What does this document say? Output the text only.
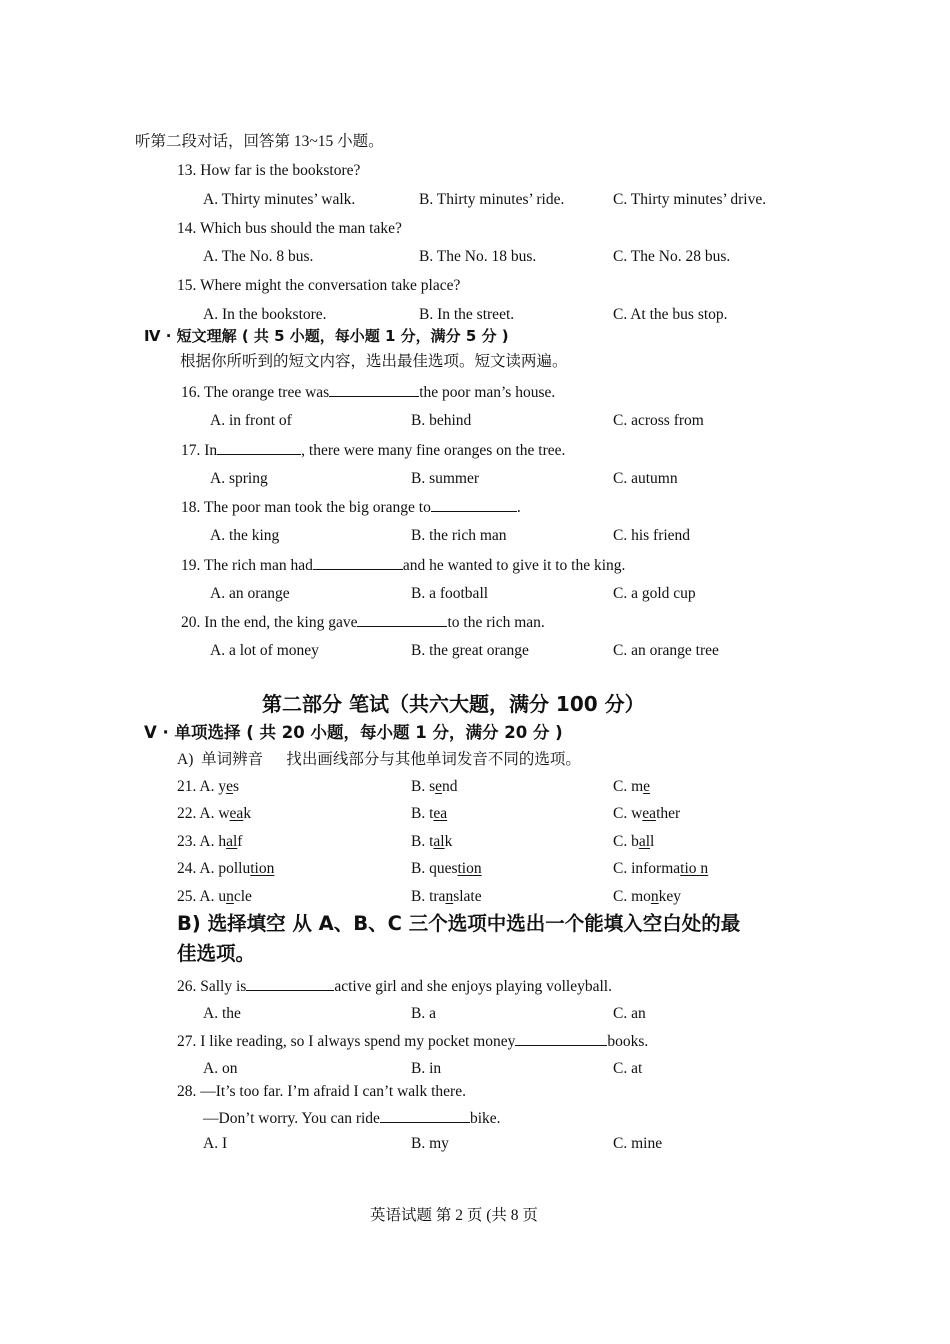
听第二段对话，回答第 13~15 小题。
13. How far is the bookstore?
A. Thirty minutes’ walk.	B. Thirty minutes’ ride.	C. Thirty minutes’ drive.
14. Which bus should the man take?
A. The No. 8 bus.	B. The No. 18 bus.	C. The No. 28 bus.
15. Where might the conversation take place?
A. In the bookstore.	B. In the street.	C. At the bus stop.
Ⅳ · 短文理解 ( 共 5 小题，每小题 1 分，满分 5 分 )
根据你所听到的短文内容，选出最佳选项。短文读两遍。
16. The orange tree was	the poor man’s house.
A. in front of	B. behind	C. across from
17. In	, there were many fine oranges on the tree.
A. spring	B. summer	C. autumn
18. The poor man took the big orange to	.
A. the king	B. the rich man	C. his friend
19. The rich man had	and he wanted to give it to the king.
A. an orange	B. a football	C. a gold cup
20. In the end, the king gave	to the rich man.
A. a lot of money	B. the great orange	C. an orange tree
第二部分 笔试（共六大题，满分 100 分）
Ⅴ · 单项选择 ( 共 20 小题，每小题 1 分，满分 20 分 )
A) 单词辨音 找出画线部分与其他单词发音不同的选项。
21. A. yes	B. send	C. me
22. A. weak	B. tea	C. weather
23. A. half	B. talk	C. ball
24. A. pollution	B. question	C. informatio n
25. A. uncle	B. translate	C. monkey
B) 选择填空 从 A、B、C 三个选项中选出一个能填入空白处的最
佳选项。
26. Sally is	active girl and she enjoys playing volleyball.
A. the	B. a	C. an
27. I like reading, so I always spend my pocket money	books.
A. on	B. in	C. at
28. —It’s too far. I’m afraid I can’t walk there.
—Don’t worry. You can ride	bike.
A. I	B. my	C. mine
英语试题 第 2 页 (共 8 页
